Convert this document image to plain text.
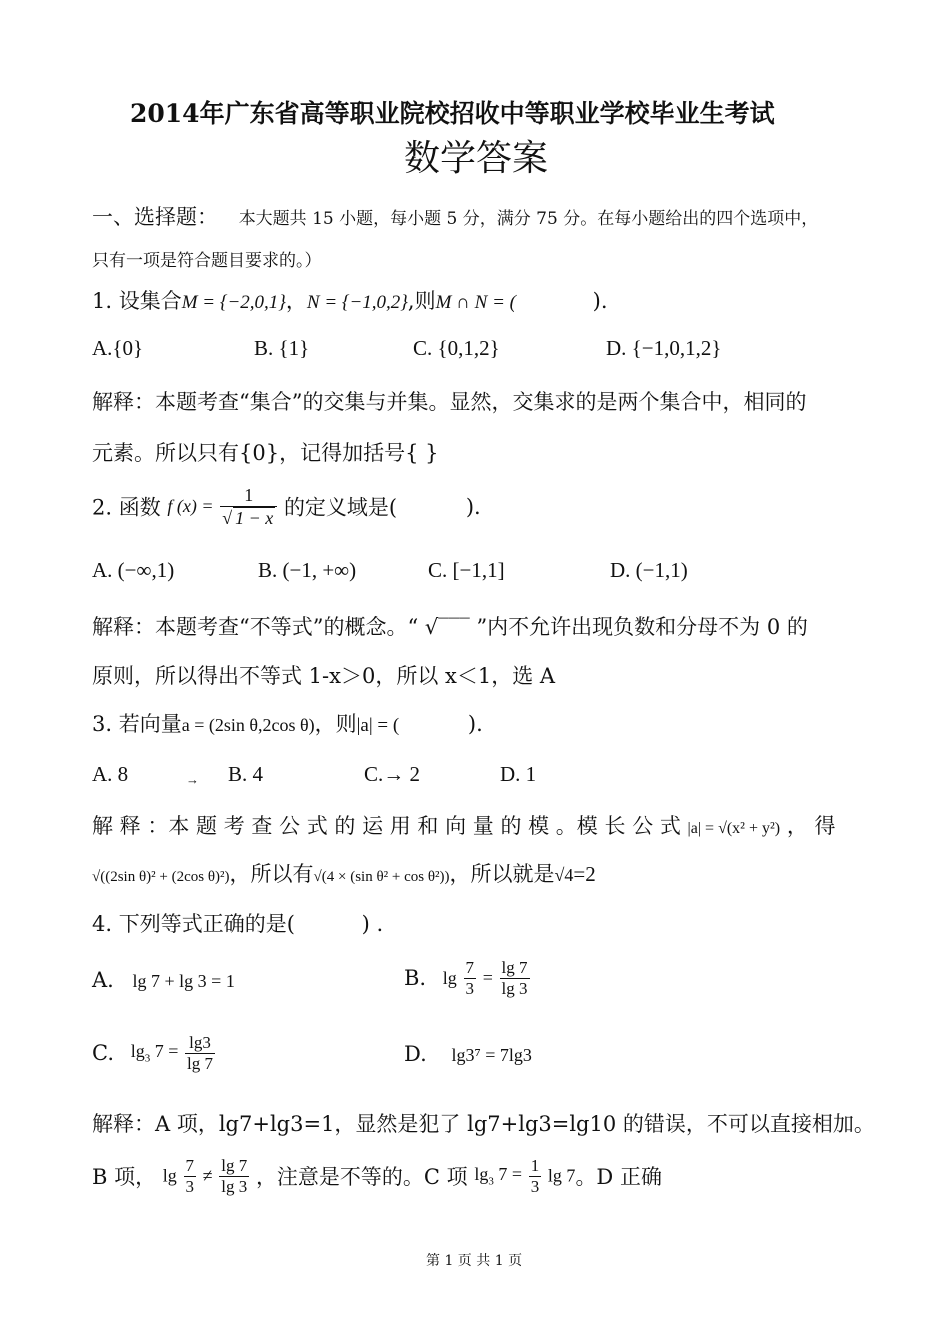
2014年广东省高等职业院校招收中等职业学校毕业生考试
数学答案
一、选择题： 本大题共 15 小题，每小题 5 分，满分 75 分。在每小题给出的四个选项中，
只有一项是符合题目要求的。）
1. 设集合M = {−2,0,1}，N = {−1,0,2},则M ∩ N = (	).
A.{0}	B. {1}	C. {0,1,2}	D. {−1,0,1,2}
解释：本题考查“集合”的交集与并集。显然，交集求的是两个集合中，相同的
元素。所以只有{0}，记得加括号{ }
2. 函数 f $(x) = \frac{1}{√ 1 - x}$ 的定义域是(	).
A. (−∞,1)	B. (−1, +∞)	C. [−1,1]	D. (−1,1)
解释：本题考查“不等式”的概念。“ √‾‾‾ ”内不允许出现负数和分母不为 0 的
原则，所以得出不等式 1-x＞0，所以 x＜1，选 A
3. 若向量a = (2sin θ,2cos θ)，则|a| = (	).
A. 8	→ B. 4	C.→ 2	D. 1
解 释 ：本 题 考 查 公 式 的 运 用 和 向 量 的 模 。模 长 公 式 |a| = √(x² + y²) ， 得
√((2sin θ)² + (2cos θ)²)，所以有√(4 × (sin θ² + cos θ²))，所以就是√4=2
4. 下列等式正确的是(	) .
A. lg 7 + lg 3 = 1	B. $\lg \frac{7}{3} = \frac{\lg 7}{\lg 3}$
C. $\lg_3 7 = \frac{\lg 3}{\lg 7}$	D. lg3⁷ = 7lg3
解释：A 项，lg7+lg3=1，显然是犯了 lg7+lg3=lg10 的错误，不可以直接相加。
B 项， $\lg \frac{7}{3} \ne \frac{\lg 7}{\lg 3}$ ，注意是不等的。C 项 $\lg_3 7 = \frac{1}{3}$ lg 7。D 正确
第 1 页 共 1 页
